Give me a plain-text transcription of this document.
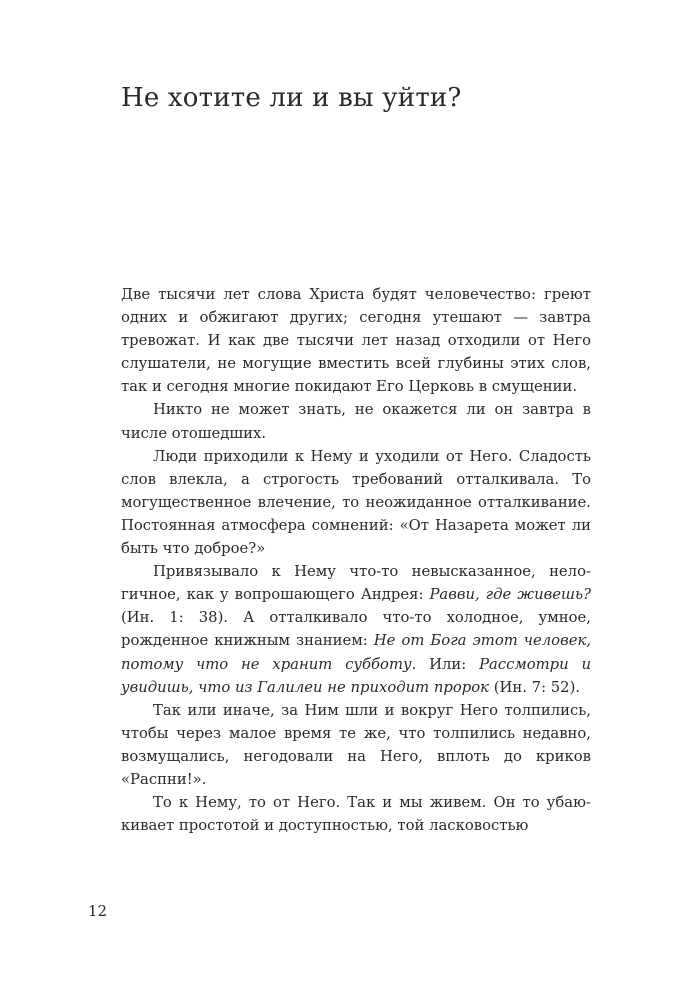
Не хотите ли и вы уйти?

Две тысячи лет слова Христа будят человечество: греют одних и обжигают других; сегодня утешают — завтра тревожат. И как две тысячи лет назад отходили от Него слушатели, не могущие вместить всей глубины этих слов, так и сегодня многие покидают Его Церковь в смущении.

Никто не может знать, не окажется ли он завтра в числе отошедших.

Люди приходили к Нему и уходили от Него. Сладость слов влекла, а строгость требований отталкивала. То могущественное влечение, то неожиданное отталкивание. Постоянная атмосфера сомнений: «От Назарета может ли быть что доброе?»

Привязывало к Нему что-то невысказанное, нелогичное, как у вопрошающего Андрея: Равви, где живешь? (Ин. 1: 38). А отталкивало что-то холодное, умное, рожденное книжным знанием: Не от Бога этот человек, потому что не хранит субботу. Или: Рассмотри и увидишь, что из Галилеи не приходит пророк (Ин. 7: 52).

Так или иначе, за Ним шли и вокруг Него толпились, чтобы через малое время те же, что толпились недавно, возмущались, негодовали на Него, вплоть до криков «Распни!».

То к Нему, то от Него. Так и мы живем. Он то убаюкивает простотой и доступностью, той ласковостью

12
